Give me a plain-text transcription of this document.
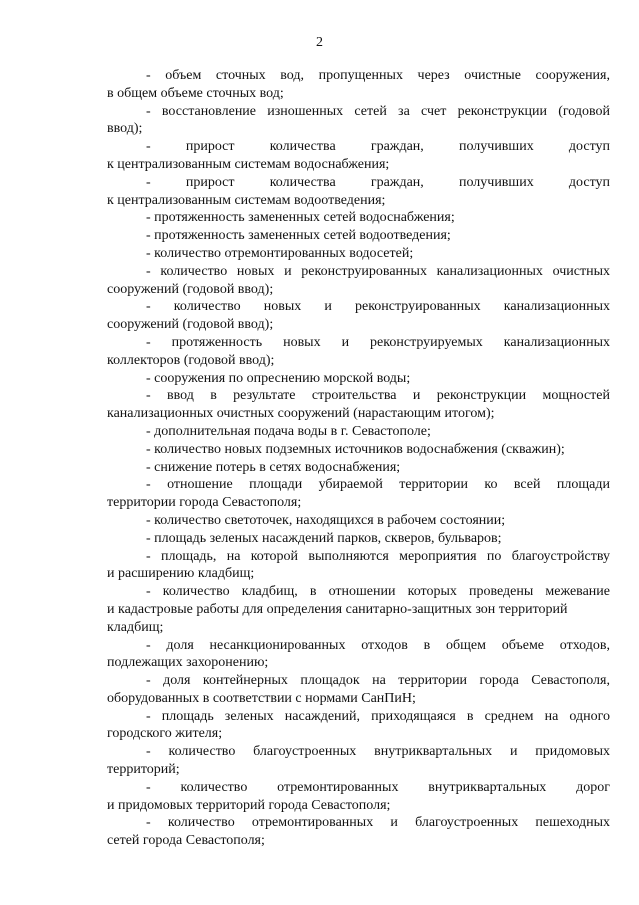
2

- объем сточных вод, пропущенных через очистные сооружения,
в общем объеме сточных вод;

- восстановление изношенных сетей за счет реконструкции (годовой
ввод);

- прирост количества граждан, получивших доступ
к централизованным системам водоснабжения;

- прирост количества граждан, получивших доступ
к централизованным системам водоотведения;

- протяженность замененных сетей водоснабжения;

- протяженность замененных сетей водоотведения;

- количество отремонтированных водосетей;

- количество новых и реконструированных канализационных очистных
сооружений (годовой ввод);

- количество новых и реконструированных канализационных
сооружений (годовой ввод);

- протяженность новых и реконструируемых канализационных
коллекторов (годовой ввод);

- сооружения по опреснению морской воды;

- ввод в результате строительства и реконструкции мощностей
канализационных очистных сооружений (нарастающим итогом);

- дополнительная подача воды в г. Севастополе;

- количество новых подземных источников водоснабжения (скважин);

- снижение потерь в сетях водоснабжения;

- отношение площади убираемой территории ко всей площади
территории города Севастополя;

- количество светоточек, находящихся в рабочем состоянии;

- площадь зеленых насаждений парков, скверов, бульваров;

- площадь, на которой выполняются мероприятия по благоустройству
и расширению кладбищ;

- количество кладбищ, в отношении которых проведены межевание
и кадастровые работы для определения санитарно-защитных зон территорий
кладбищ;

- доля несанкционированных отходов в общем объеме отходов,
подлежащих захоронению;

- доля контейнерных площадок на территории города Севастополя,
оборудованных в соответствии с нормами СанПиН;

- площадь зеленых насаждений, приходящаяся в среднем на одного
городского жителя;

- количество благоустроенных внутриквартальных и придомовых
территорий;

- количество отремонтированных внутриквартальных дорог
и придомовых территорий города Севастополя;

- количество отремонтированных и благоустроенных пешеходных
сетей города Севастополя;
